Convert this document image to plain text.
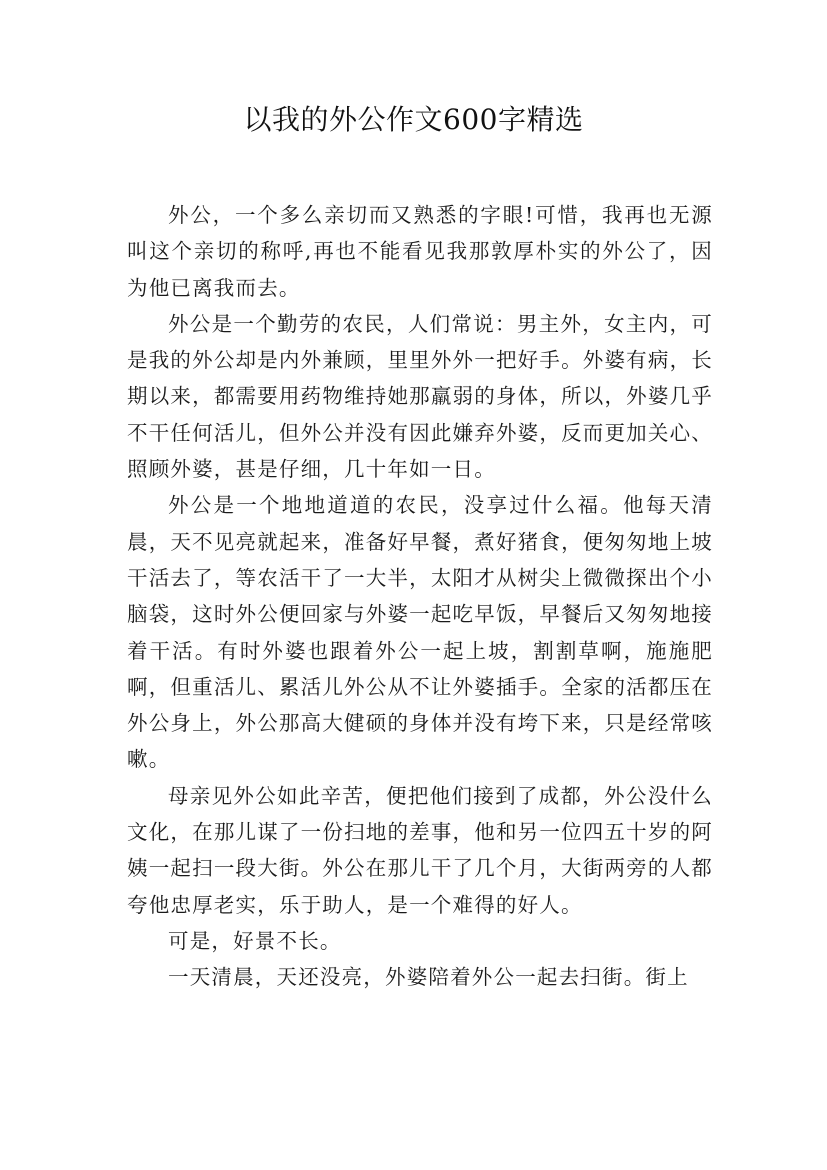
以我的外公作文600字精选

外公，一个多么亲切而又熟悉的字眼!可惜，我再也无源叫这个亲切的称呼,再也不能看见我那敦厚朴实的外公了，因为他已离我而去。

外公是一个勤劳的农民，人们常说：男主外，女主内，可是我的外公却是内外兼顾，里里外外一把好手。外婆有病，长期以来，都需要用药物维持她那羸弱的身体，所以，外婆几乎不干任何活儿，但外公并没有因此嫌弃外婆，反而更加关心、照顾外婆，甚是仔细，几十年如一日。

外公是一个地地道道的农民，没享过什么福。他每天清晨，天不见亮就起来，准备好早餐，煮好猪食，便匆匆地上坡干活去了，等农活干了一大半，太阳才从树尖上微微探出个小脑袋，这时外公便回家与外婆一起吃早饭，早餐后又匆匆地接着干活。有时外婆也跟着外公一起上坡，割割草啊，施施肥啊，但重活儿、累活儿外公从不让外婆插手。全家的活都压在外公身上，外公那高大健硕的身体并没有垮下来，只是经常咳嗽。

母亲见外公如此辛苦，便把他们接到了成都，外公没什么文化，在那儿谋了一份扫地的差事，他和另一位四五十岁的阿姨一起扫一段大街。外公在那儿干了几个月，大街两旁的人都夸他忠厚老实，乐于助人，是一个难得的好人。

可是，好景不长。

一天清晨，天还没亮，外婆陪着外公一起去扫街。街上
